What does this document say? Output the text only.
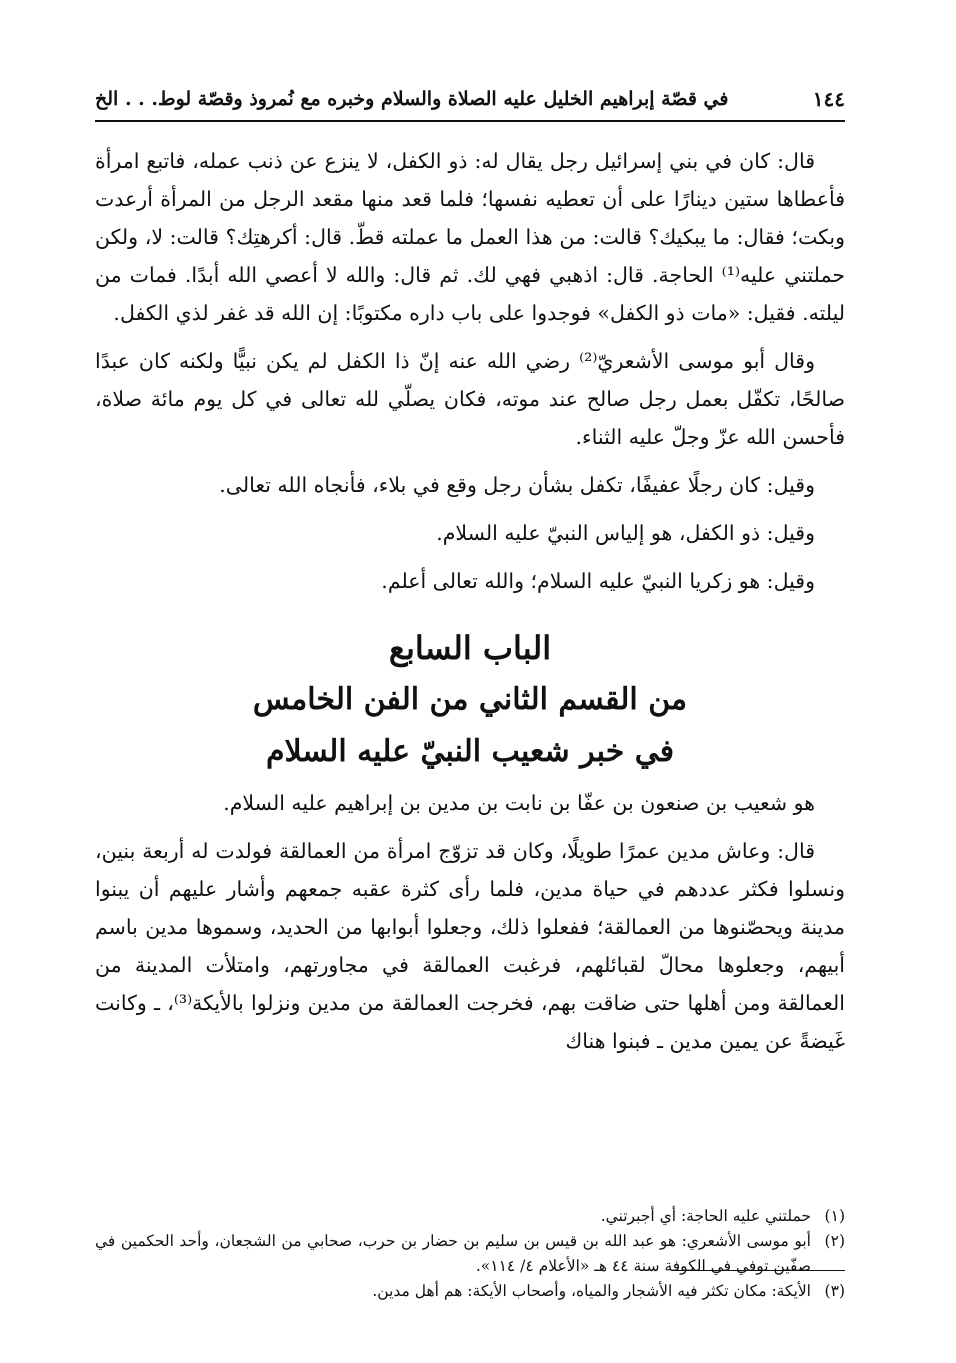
في قصّة إبراهيم الخليل عليه الصلاة والسلام وخبره مع نُمروذ وقصّة لوط. . . الخ	١٤٤

قال: كان في بني إسرائيل رجل يقال له: ذو الكفل، لا ينزع عن ذنب عمله، فاتبع امرأة فأعطاها ستين دينارًا على أن تعطيه نفسها؛ فلما قعد منها مقعد الرجل من المرأة أرعدت وبكت؛ فقال: ما يبكيك؟ قالت: من هذا العمل ما عملته قطّ. قال: أكرهتِك؟ قالت: لا، ولكن حملتني عليه⁽¹⁾ الحاجة. قال: اذهبي فهي لك. ثم قال: والله لا أعصي الله أبدًا. فمات من ليلته. فقيل: «مات ذو الكفل» فوجدوا على باب داره مكتوبًا: إن الله قد غفر لذي الكفل.

وقال أبو موسى الأشعريّ⁽²⁾ رضي الله عنه إنّ ذا الكفل لم يكن نبيًّا ولكنه كان عبدًا صالحًا، تكفّل بعمل رجل صالح عند موته، فكان يصلّي لله تعالى في كل يوم مائة صلاة، فأحسن الله عزّ وجلّ عليه الثناء.

وقيل: كان رجلًا عفيفًا، تكفل بشأن رجل وقع في بلاء، فأنجاه الله تعالى.

وقيل: ذو الكفل، هو إلياس النبيّ عليه السلام.

وقيل: هو زكريا النبيّ عليه السلام؛ والله تعالى أعلم.

الباب السابع
من القسم الثاني من الفن الخامس
في خبر شعيب النبيّ عليه السلام

هو شعيب بن صنعون بن عفّا بن نابت بن مدين بن إبراهيم عليه السلام.

قال: وعاش مدين عمرًا طويلًا، وكان قد تزوّج امرأة من العمالقة فولدت له أربعة بنين، ونسلوا فكثر عددهم في حياة مدين، فلما رأى كثرة عقبه جمعهم وأشار عليهم أن يبنوا مدينة ويحصّنوها من العمالقة؛ ففعلوا ذلك، وجعلوا أبوابها من الحديد، وسموها مدين باسم أبيهم، وجعلوها محالّ لقبائلهم، فرغبت العمالقة في مجاورتهم، وامتلأت المدينة من العمالقة ومن أهلها حتى ضاقت بهم، فخرجت العمالقة من مدين ونزلوا بالأيكة⁽³⁾، ـ وكانت غَيضةً عن يمين مدين ـ فبنوا هناك

(١)حملتني عليه الحاجة: أي أجبرتني.

(٢)أبو موسى الأشعري: هو عبد الله بن قيس بن سليم بن حضار بن حرب، صحابي من الشجعان، وأحد الحكمين في صفّين توفي في الكوفة سنة ٤٤ هـ «الأعلام ٤/ ١١٤».

(٣)الأيكة: مكان تكثر فيه الأشجار والمياه، وأصحاب الأيكة: هم أهل مدين.
